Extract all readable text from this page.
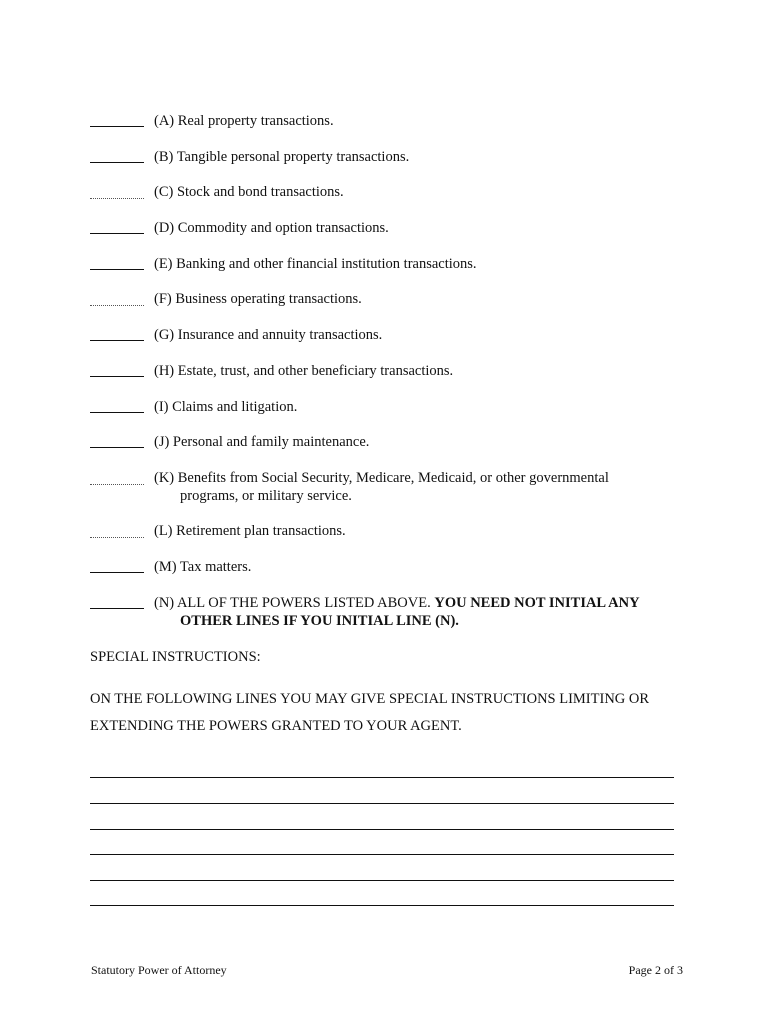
(A) Real property transactions.
(B) Tangible personal property transactions.
(C) Stock and bond transactions.
(D) Commodity and option transactions.
(E) Banking and other financial institution transactions.
(F) Business operating transactions.
(G) Insurance and annuity transactions.
(H) Estate, trust, and other beneficiary transactions.
(I) Claims and litigation.
(J) Personal and family maintenance.
(K) Benefits from Social Security, Medicare, Medicaid, or other governmental
programs, or military service.
(L) Retirement plan transactions.
(M) Tax matters.
(N) ALL OF THE POWERS LISTED ABOVE. YOU NEED NOT INITIAL ANY
OTHER LINES IF YOU INITIAL LINE (N).
SPECIAL INSTRUCTIONS:
ON THE FOLLOWING LINES YOU MAY GIVE SPECIAL INSTRUCTIONS LIMITING OR EXTENDING THE POWERS GRANTED TO YOUR AGENT.
Statutory Power of Attorney	Page 2 of 3
